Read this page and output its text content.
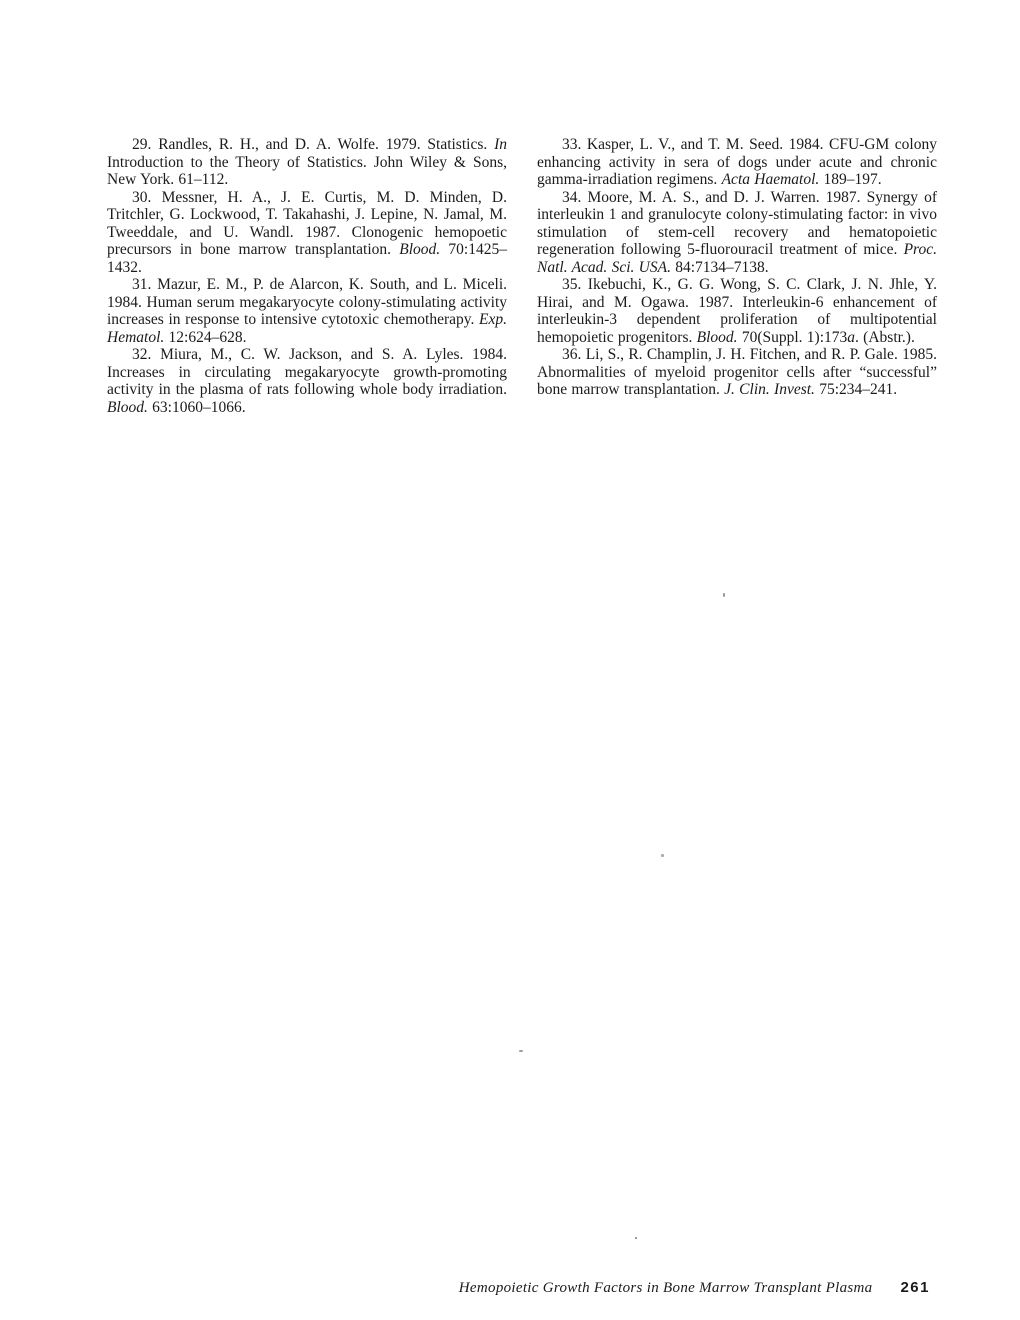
29. Randles, R. H., and D. A. Wolfe. 1979. Statistics. In Introduction to the Theory of Statistics. John Wiley & Sons, New York. 61–112.

30. Messner, H. A., J. E. Curtis, M. D. Minden, D. Tritchler, G. Lockwood, T. Takahashi, J. Lepine, N. Jamal, M. Tweeddale, and U. Wandl. 1987. Clonogenic hemopoetic precursors in bone marrow transplantation. Blood. 70:1425–1432.

31. Mazur, E. M., P. de Alarcon, K. South, and L. Miceli. 1984. Human serum megakaryocyte colony-stimulating activity increases in response to intensive cytotoxic chemotherapy. Exp. Hematol. 12:624–628.

32. Miura, M., C. W. Jackson, and S. A. Lyles. 1984. Increases in circulating megakaryocyte growth-promoting activity in the plasma of rats following whole body irradiation. Blood. 63:1060–1066.

33. Kasper, L. V., and T. M. Seed. 1984. CFU-GM colony enhancing activity in sera of dogs under acute and chronic gamma-irradiation regimens. Acta Haematol. 189–197.

34. Moore, M. A. S., and D. J. Warren. 1987. Synergy of interleukin 1 and granulocyte colony-stimulating factor: in vivo stimulation of stem-cell recovery and hematopoietic regeneration following 5-fluorouracil treatment of mice. Proc. Natl. Acad. Sci. USA. 84:7134–7138.

35. Ikebuchi, K., G. G. Wong, S. C. Clark, J. N. Jhle, Y. Hirai, and M. Ogawa. 1987. Interleukin-6 enhancement of interleukin-3 dependent proliferation of multipotential hemopoietic progenitors. Blood. 70(Suppl. 1):173a. (Abstr.).

36. Li, S., R. Champlin, J. H. Fitchen, and R. P. Gale. 1985. Abnormalities of myeloid progenitor cells after “successful” bone marrow transplantation. J. Clin. Invest. 75:234–241.

Hemopoietic Growth Factors in Bone Marrow Transplant Plasma 261
